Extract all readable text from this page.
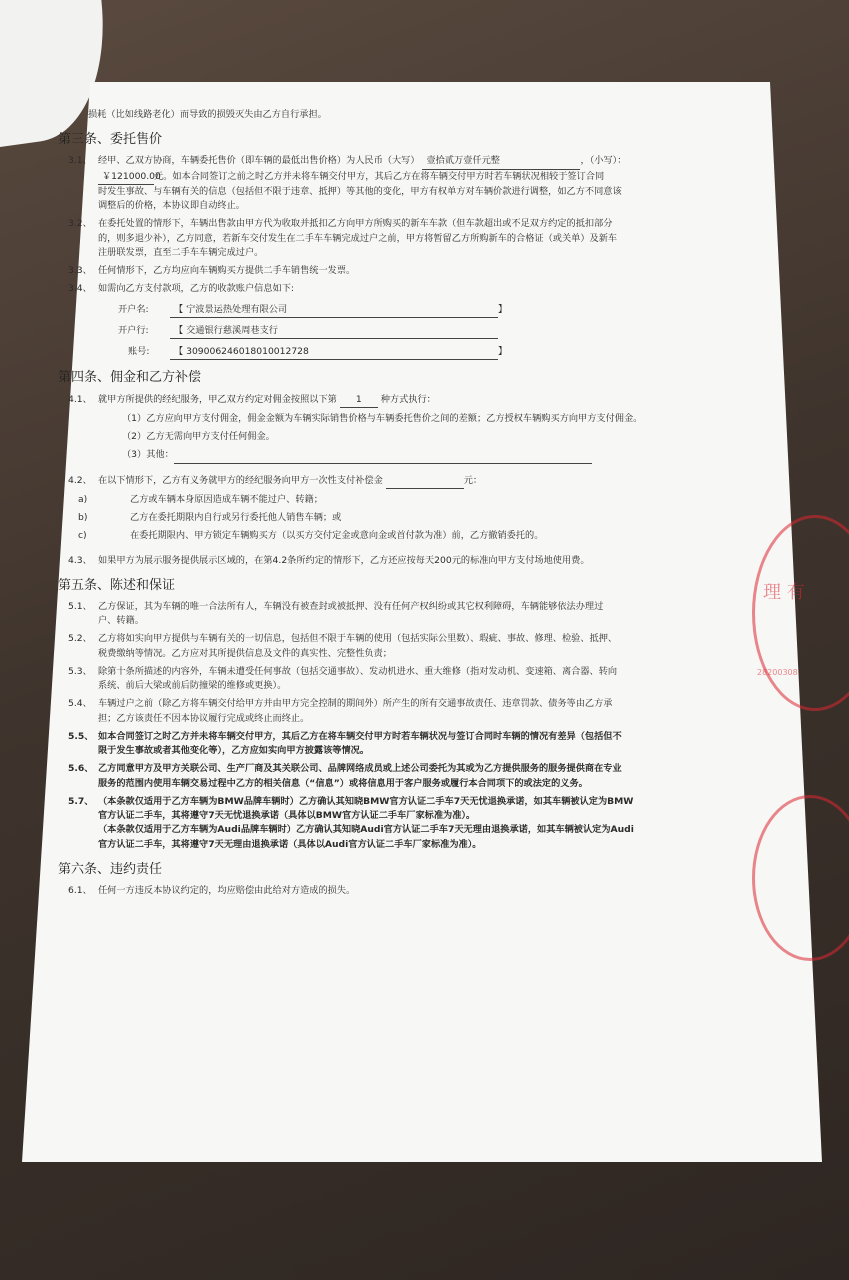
损耗（比如线路老化）而导致的损毁灭失由乙方自行承担。
第三条、委托售价
3.1、 经甲、乙双方协商，车辆委托售价（即车辆的最低出售价格）为人民币（大写） 壹拾贰万壹仟元整	，（小写）：
￥121000.00元。如本合同签订之前之时乙方并未将车辆交付甲方，其后乙方在将车辆交付甲方时若车辆状况相较于签订合同
时发生事故、与车辆有关的信息（包括但不限于违章、抵押）等其他的变化，甲方有权单方对车辆价款进行调整，如乙方不同意该
调整后的价格，本协议即自动终止。
3.2、 在委托处置的情形下，车辆出售款由甲方代为收取并抵扣乙方向甲方所购买的新车车款（但车款超出或不足双方约定的抵扣部分
的，则多退少补），乙方同意，若新车交付发生在二手车车辆完成过户之前，甲方将暂留乙方所购新车的合格证（或关单）及新车
注册联发票，直至二手车车辆完成过户。
3.3、 任何情形下，乙方均应向车辆购买方提供二手车销售统一发票。
3.4、 如需向乙方支付款项，乙方的收款账户信息如下:
开户名:	【 宁波景运热处理有限公司	】
开户行:	【 交通银行慈溪周巷支行
账号:	【 309006246018010012728	】
第四条、佣金和乙方补偿
4.1、 就甲方所提供的经纪服务，甲乙双方约定对佣金按照以下第 1 种方式执行：
（1）乙方应向甲方支付佣金，佣金金额为车辆实际销售价格与车辆委托售价之间的差额；乙方授权车辆购买方向甲方支付佣金。
（2）乙方无需向甲方支付任何佣金。
（3）其他：
4.2、 在以下情形下，乙方有义务就甲方的经纪服务向甲方一次性支付补偿金	元：
a)	乙方或车辆本身原因造成车辆不能过户、转籍；
b)	乙方在委托期限内自行或另行委托他人销售车辆；或
c)	在委托期限内、甲方锁定车辆购买方（以买方交付定金或意向金或首付款为准）前，乙方撤销委托的。
4.3、 如果甲方为展示服务提供展示区域的，在第4.2条所约定的情形下，乙方还应按每天200元的标准向甲方支付场地使用费。
第五条、陈述和保证
5.1、 乙方保证，其为车辆的唯一合法所有人，车辆没有被查封或被抵押、没有任何产权纠纷或其它权利障碍，车辆能够依法办理过
户、转籍。
5.2、 乙方将如实向甲方提供与车辆有关的一切信息，包括但不限于车辆的使用（包括实际公里数）、瑕疵、事故、修理、检验、抵押、
税费缴纳等情况。乙方应对其所提供信息及文件的真实性、完整性负责；
5.3、 除第十条所描述的内容外，车辆未遭受任何事故（包括交通事故）、发动机进水、重大维修（指对发动机、变速箱、离合器、转向
系统、前后大梁或前后防撞梁的维修或更换）。
5.4、 车辆过户之前（除乙方将车辆交付给甲方并由甲方完全控制的期间外）所产生的所有交通事故责任、违章罚款、债务等由乙方承
担；乙方该责任不因本协议履行完成或终止而终止。
5.5、 如本合同签订之时乙方并未将车辆交付甲方，其后乙方在将车辆交付甲方时若车辆状况与签订合同时车辆的情况有差异（包括但不
限于发生事故或者其他变化等），乙方应如实向甲方披露该等情况。
5.6、 乙方同意甲方及甲方关联公司、生产厂商及其关联公司、品牌网络成员或上述公司委托为其或为乙方提供服务的服务提供商在专业
服务的范围内使用车辆交易过程中乙方的相关信息（“信息”）或将信息用于客户服务或履行本合同项下的或法定的义务。
5.7、 （本条款仅适用于乙方车辆为BMW品牌车辆时）乙方确认其知晓BMW官方认证二手车7天无忧退换承诺，如其车辆被认定为BMW
官方认证二手车，其将遵守7天无忧退换承诺（具体以BMW官方认证二手车厂家标准为准）。
（本条款仅适用于乙方车辆为Audi品牌车辆时）乙方确认其知晓Audi官方认证二手车7天无理由退换承诺，如其车辆被认定为Audi
官方认证二手车，其将遵守7天无理由退换承诺（具体以Audi官方认证二手车厂家标准为准）。
第六条、违约责任
6.1、 任何一方违反本协议约定的，均应赔偿由此给对方造成的损失。
理 有
28200308
